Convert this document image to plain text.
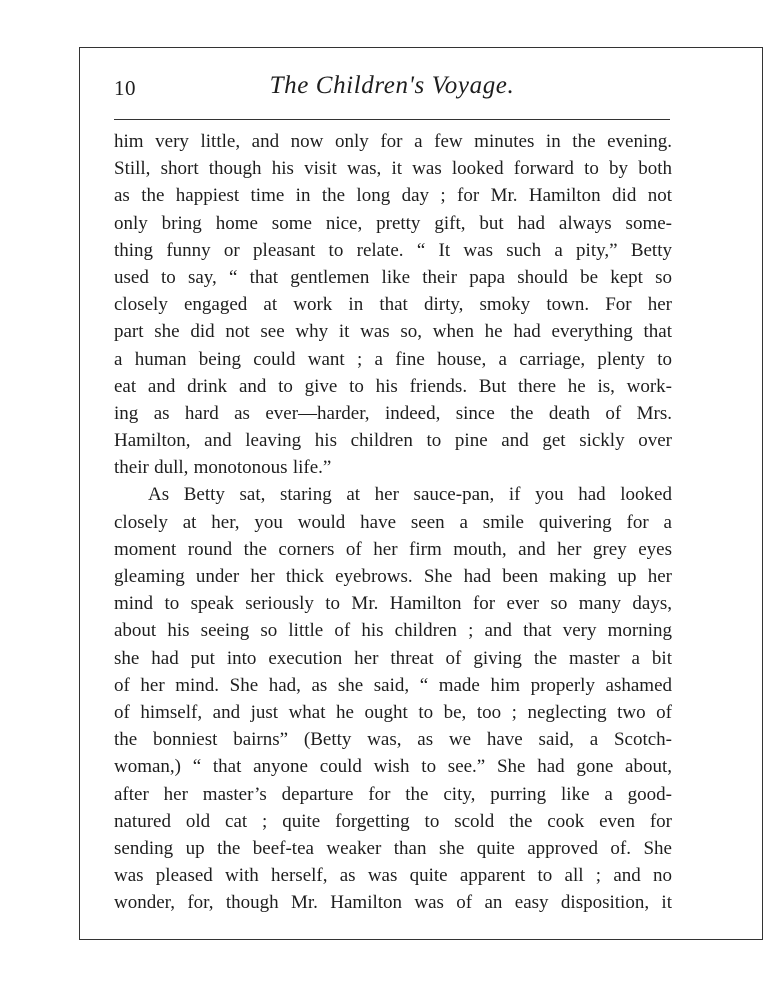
10	The Children's Voyage.
him very little, and now only for a few minutes in the evening.
Still, short though his visit was, it was looked forward to by both
as the happiest time in the long day ; for Mr. Hamilton did not
only bring home some nice, pretty gift, but had always some-
thing funny or pleasant to relate. “ It was such a pity,” Betty
used to say, “ that gentlemen like their papa should be kept so
closely engaged at work in that dirty, smoky town. For her
part she did not see why it was so, when he had everything that
a human being could want ; a fine house, a carriage, plenty to
eat and drink and to give to his friends. But there he is, work-
ing as hard as ever—harder, indeed, since the death of Mrs.
Hamilton, and leaving his children to pine and get sickly over
their dull, monotonous life.”
As Betty sat, staring at her sauce-pan, if you had looked
closely at her, you would have seen a smile quivering for a
moment round the corners of her firm mouth, and her grey eyes
gleaming under her thick eyebrows. She had been making up her
mind to speak seriously to Mr. Hamilton for ever so many days,
about his seeing so little of his children ; and that very morning
she had put into execution her threat of giving the master a bit
of her mind. She had, as she said, “ made him properly ashamed
of himself, and just what he ought to be, too ; neglecting two of
the bonniest bairns” (Betty was, as we have said, a Scotch-
woman,) “ that anyone could wish to see.” She had gone about,
after her master’s departure for the city, purring like a good-
natured old cat ; quite forgetting to scold the cook even for
sending up the beef-tea weaker than she quite approved of. She
was pleased with herself, as was quite apparent to all ; and no
wonder, for, though Mr. Hamilton was of an easy disposition, it
